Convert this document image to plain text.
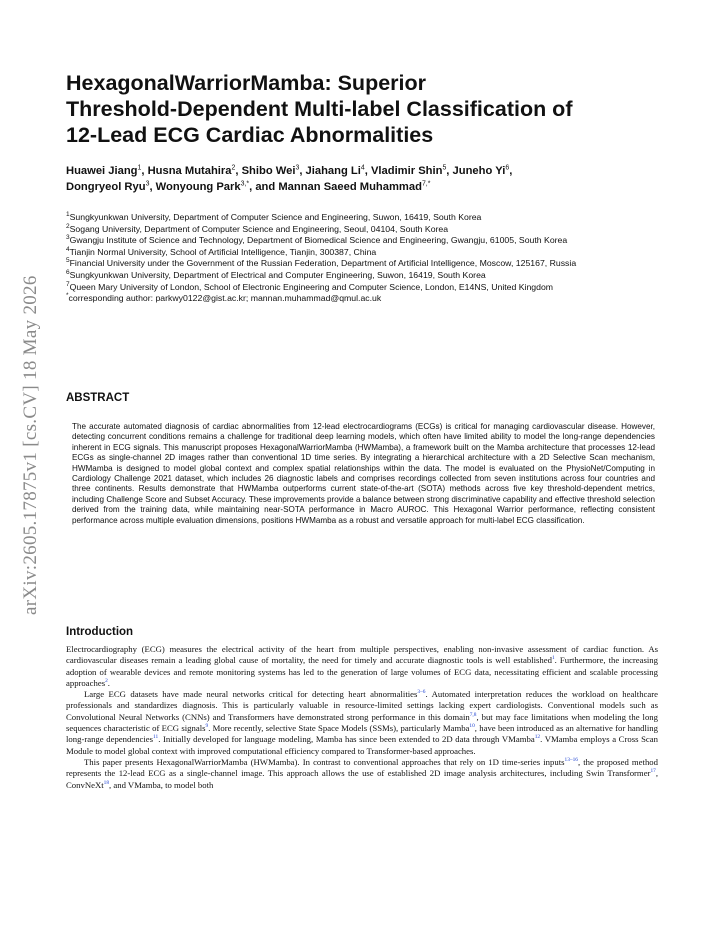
arXiv:2605.17875v1 [cs.CV] 18 May 2026
HexagonalWarriorMamba: Superior
Threshold-Dependent Multi-label Classification of
12-Lead ECG Cardiac Abnormalities
Huawei Jiang$^1$, Husna Mutahira$^2$, Shibo Wei$^3$, Jiahang Li$^4$, Vladimir Shin$^5$, Juneho Yi$^6$,
Dongryeol Ryu$^3$, Wonyoung Park$^{3,*}$, and Mannan Saeed Muhammad$^{7,*}$
$^1$Sungkyunkwan University, Department of Computer Science and Engineering, Suwon, 16419, South Korea
$^2$Sogang University, Department of Computer Science and Engineering, Seoul, 04104, South Korea
$^3$Gwangju Institute of Science and Technology, Department of Biomedical Science and Engineering, Gwangju, 61005, South Korea
$^4$Tianjin Normal University, School of Artificial Intelligence, Tianjin, 300387, China
$^5$Financial University under the Government of the Russian Federation, Department of Artificial Intelligence, Moscow, 125167, Russia
$^6$Sungkyunkwan University, Department of Electrical and Computer Engineering, Suwon, 16419, South Korea
$^7$Queen Mary University of London, School of Electronic Engineering and Computer Science, London, E14NS, United Kingdom
*corresponding author: parkwy0122@gist.ac.kr; mannan.muhammad@qmul.ac.uk
ABSTRACT

The accurate automated diagnosis of cardiac abnormalities from 12-lead electrocardiograms (ECGs) is critical for managing cardiovascular disease. However, detecting concurrent conditions remains a challenge for traditional deep learning models, which often have limited ability to model the long-range dependencies inherent in ECG signals. This manuscript proposes HexagonalWarriorMamba (HWMamba), a framework built on the Mamba architecture that processes 12-lead ECGs as single-channel 2D images rather than conventional 1D time series. By integrating a hierarchical architecture with a 2D Selective Scan mechanism, HWMamba is designed to model global context and complex spatial relationships within the data. The model is evaluated on the PhysioNet/Computing in Cardiology Challenge 2021 dataset, which includes 26 diagnostic labels and comprises recordings collected from seven institutions across four countries and three continents. Results demonstrate that HWMamba outperforms current state-of-the-art (SOTA) methods across five key threshold-dependent metrics, including Challenge Score and Subset Accuracy. These improvements provide a balance between strong discriminative capability and effective threshold selection derived from the training data, while maintaining near-SOTA performance in Macro AUROC. This Hexagonal Warrior performance, reflecting consistent performance across multiple evaluation dimensions, positions HWMamba as a robust and versatile approach for multi-label ECG classification.

Introduction

Electrocardiography (ECG) measures the electrical activity of the heart from multiple perspectives, enabling non-invasive assessment of cardiac function. As cardiovascular diseases remain a leading global cause of mortality, the need for timely and accurate diagnostic tools is well established$^1$. Furthermore, the increasing adoption of wearable devices and remote monitoring systems has led to the generation of large volumes of ECG data, necessitating efficient and scalable processing approaches$^2$.

Large ECG datasets have made neural networks critical for detecting heart abnormalities$^{3-6}$. Automated interpretation reduces the workload on healthcare professionals and standardizes diagnosis. This is particularly valuable in resource-limited settings lacking expert cardiologists. Conventional models such as Convolutional Neural Networks (CNNs) and Transformers have demonstrated strong performance in this domain$^{7,8}$, but may face limitations when modeling the long sequences characteristic of ECG signals$^9$. More recently, selective State Space Models (SSMs), particularly Mamba$^{10}$, have been introduced as an alternative for handling long-range dependencies$^{11}$. Initially developed for language modeling, Mamba has since been extended to 2D data through VMamba$^{12}$. VMamba employs a Cross Scan Module to model global context with improved computational efficiency compared to Transformer-based approaches.

This paper presents HexagonalWarriorMamba (HWMamba). In contrast to conventional approaches that rely on 1D time-series inputs$^{13-16}$, the proposed method represents the 12-lead ECG as a single-channel image. This approach allows the use of established 2D image analysis architectures, including Swin Transformer$^{17}$, ConvNeXt$^{18}$, and VMamba, to model both
